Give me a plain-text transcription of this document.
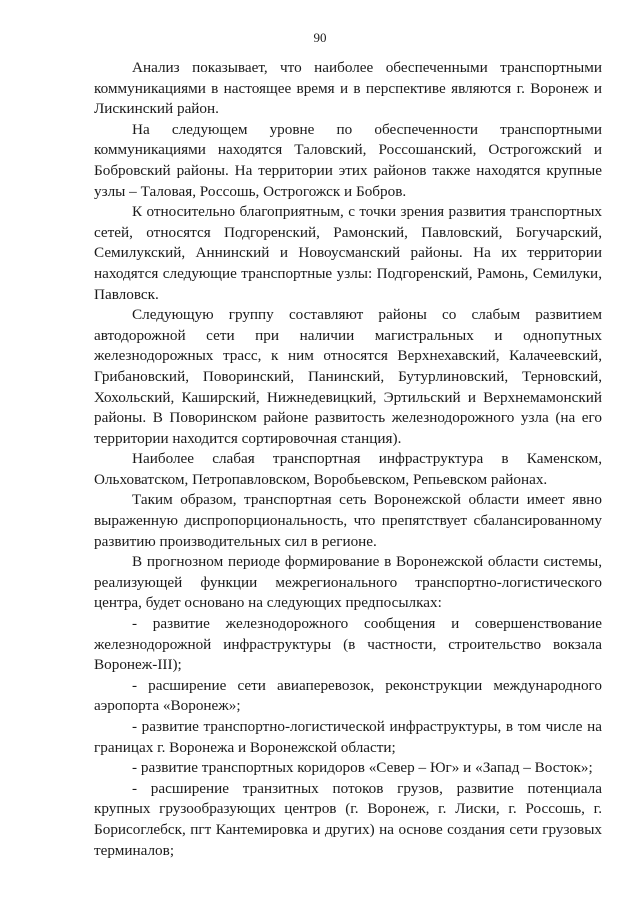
90

Анализ показывает, что наиболее обеспеченными транспортными коммуникациями в настоящее время и в перспективе являются г. Воронеж и Лискинский район.

На следующем уровне по обеспеченности транспортными коммуникациями находятся Таловский, Россошанский, Острогожский и Бобровский районы. На территории этих районов также находятся крупные узлы – Таловая, Россошь, Острогожск и Бобров.

К относительно благоприятным, с точки зрения развития транспортных сетей, относятся Подгоренский, Рамонский, Павловский, Богучарский, Семилукский, Аннинский и Новоусманский районы. На их территории находятся следующие транспортные узлы: Подгоренский, Рамонь, Семилуки, Павловск.

Следующую группу составляют районы со слабым развитием автодорожной сети при наличии магистральных и однопутных железнодорожных трасс, к ним относятся Верхнехавский, Калачеевский, Грибановский, Поворинский, Панинский, Бутурлиновский, Терновский, Хохольский, Каширский, Нижнедевицкий, Эртильский и Верхнемамонский районы. В Поворинском районе развитость железнодорожного узла (на его территории находится сортировочная станция).

Наиболее слабая транспортная инфраструктура в Каменском, Ольховатском, Петропавловском, Воробьевском, Репьевском районах.

Таким образом, транспортная сеть Воронежской области имеет явно выраженную диспропорциональность, что препятствует сбалансированному развитию производительных сил в регионе.

В прогнозном периоде формирование в Воронежской области системы, реализующей функции межрегионального транспортно-логистического центра, будет основано на следующих предпосылках:

- развитие железнодорожного сообщения и совершенствование железнодорожной инфраструктуры (в частности, строительство вокзала Воронеж-III);

- расширение сети авиаперевозок, реконструкции международного аэропорта «Воронеж»;

- развитие транспортно-логистической инфраструктуры, в том числе на границах г. Воронежа и Воронежской области;

- развитие транспортных коридоров «Север – Юг» и «Запад – Восток»;

- расширение транзитных потоков грузов, развитие потенциала крупных грузообразующих центров (г. Воронеж, г. Лиски, г. Россошь, г. Борисоглебск, пгт Кантемировка и других) на основе создания сети грузовых терминалов;
